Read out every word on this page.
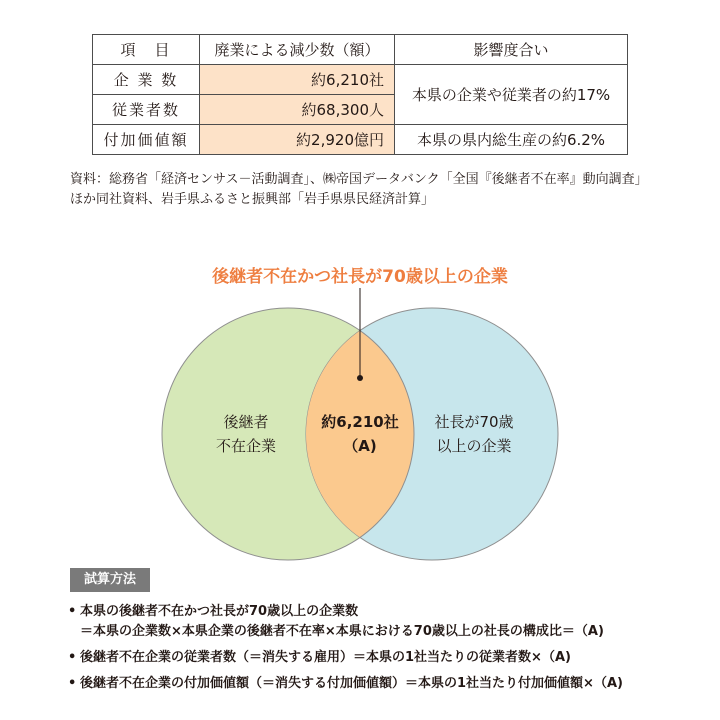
項　目	廃業による減少数（額）	影響度合い
企 業 数	約6,210社	本県の企業や従業者の約17%
従業者数	約68,300人	
付加価値額	約2,920億円	本県の県内総生産の約6.2%
資料：総務省「経済センサス－活動調査」、㈱帝国データバンク「全国『後継者不在率』動向調査」
ほか同社資料、岩手県ふるさと振興部「岩手県県民経済計算」
後継者不在かつ社長が70歳以上の企業
後継者
不在企業
社長が70歳
以上の企業
約6,210社
（A)
試算方法
• 本県の後継者不在かつ社長が70歳以上の企業数
＝本県の企業数×本県企業の後継者不在率×本県における70歳以上の社長の構成比＝（A)
• 後継者不在企業の従業者数（＝消失する雇用）＝本県の1社当たりの従業者数×（A)
• 後継者不在企業の付加価値額（＝消失する付加価値額）＝本県の1社当たり付加価値額×（A)
